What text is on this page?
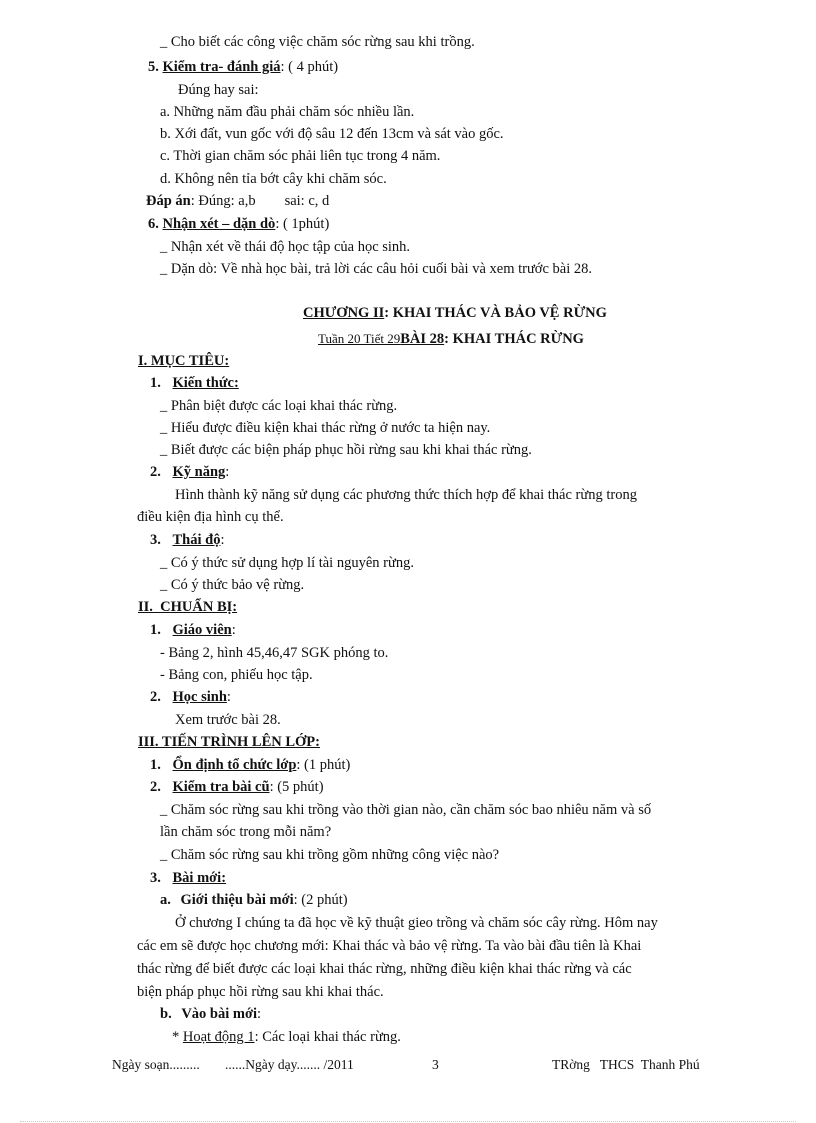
_ Cho biết các công việc chăm sóc rừng sau khi trồng.
5. Kiểm tra- đánh giá: ( 4 phút)
Đúng hay sai:
a. Những năm đầu phải chăm sóc nhiều lần.
b. Xới đất, vun gốc với độ sâu 12 đến 13cm và sát vào gốc.
c. Thời gian chăm sóc phải liên tục trong 4 năm.
d. Không nên tỉa bớt cây khi chăm sóc.
Đáp án: Đúng: a,b        sai: c, d
6. Nhận xét – dặn dò: ( 1phút)
_ Nhận xét về thái độ học tập của học sinh.
_ Dặn dò: Về nhà học bài, trả lời các câu hỏi cuối bài và xem trước bài 28.
CHƯƠNG II: KHAI THÁC VÀ BẢO VỆ RỪNG
Tuần 20 Tiết 29BÀI 28: KHAI THÁC RỪNG
I. MỤC TIÊU:
1. Kiến thức:
_ Phân biệt được các loại khai thác rừng.
_ Hiểu được điều kiện khai thác rừng ở nước ta hiện nay.
_ Biết được các biện pháp phục hồi rừng sau khi khai thác rừng.
2. Kỹ năng:
Hình thành kỹ năng sử dụng các phương thức thích hợp để khai thác rừng trong
điều kiện địa hình cụ thể.
3. Thái độ:
_ Có ý thức sử dụng hợp lí tài nguyên rừng.
_ Có ý thức bảo vệ rừng.
II.  CHUẨN BỊ:
1. Giáo viên:
- Bảng 2, hình 45,46,47 SGK phóng to.
- Bảng con, phiếu học tập.
2. Học sinh:
Xem trước bài 28.
III. TIẾN TRÌNH LÊN LỚP:
1. Ổn định tổ chức lớp: (1 phút)
2. Kiểm tra bài cũ: (5 phút)
_ Chăm sóc rừng sau khi trồng vào thời gian nào, cần chăm sóc bao nhiêu năm và số
lần chăm sóc trong mỗi năm?
_ Chăm sóc rừng sau khi trồng gồm những công việc nào?
3. Bài mới:
a. Giới thiệu bài mới: (2 phút)
Ở chương I chúng ta đã học về kỹ thuật gieo trồng và chăm sóc cây rừng. Hôm nay
các em sẽ được học chương mới: Khai thác và bảo vệ rừng. Ta vào bài đầu tiên là Khai
thác rừng để biết được các loại khai thác rừng, những điều kiện khai thác rừng và các
biện pháp phục hồi rừng sau khi khai thác.
b. Vào bài mới:
* Hoạt động 1: Các loại khai thác rừng.
Ngày soạn......... ......Ngày dạy....... /2011	3	TRờng   THCS  Thanh Phú
